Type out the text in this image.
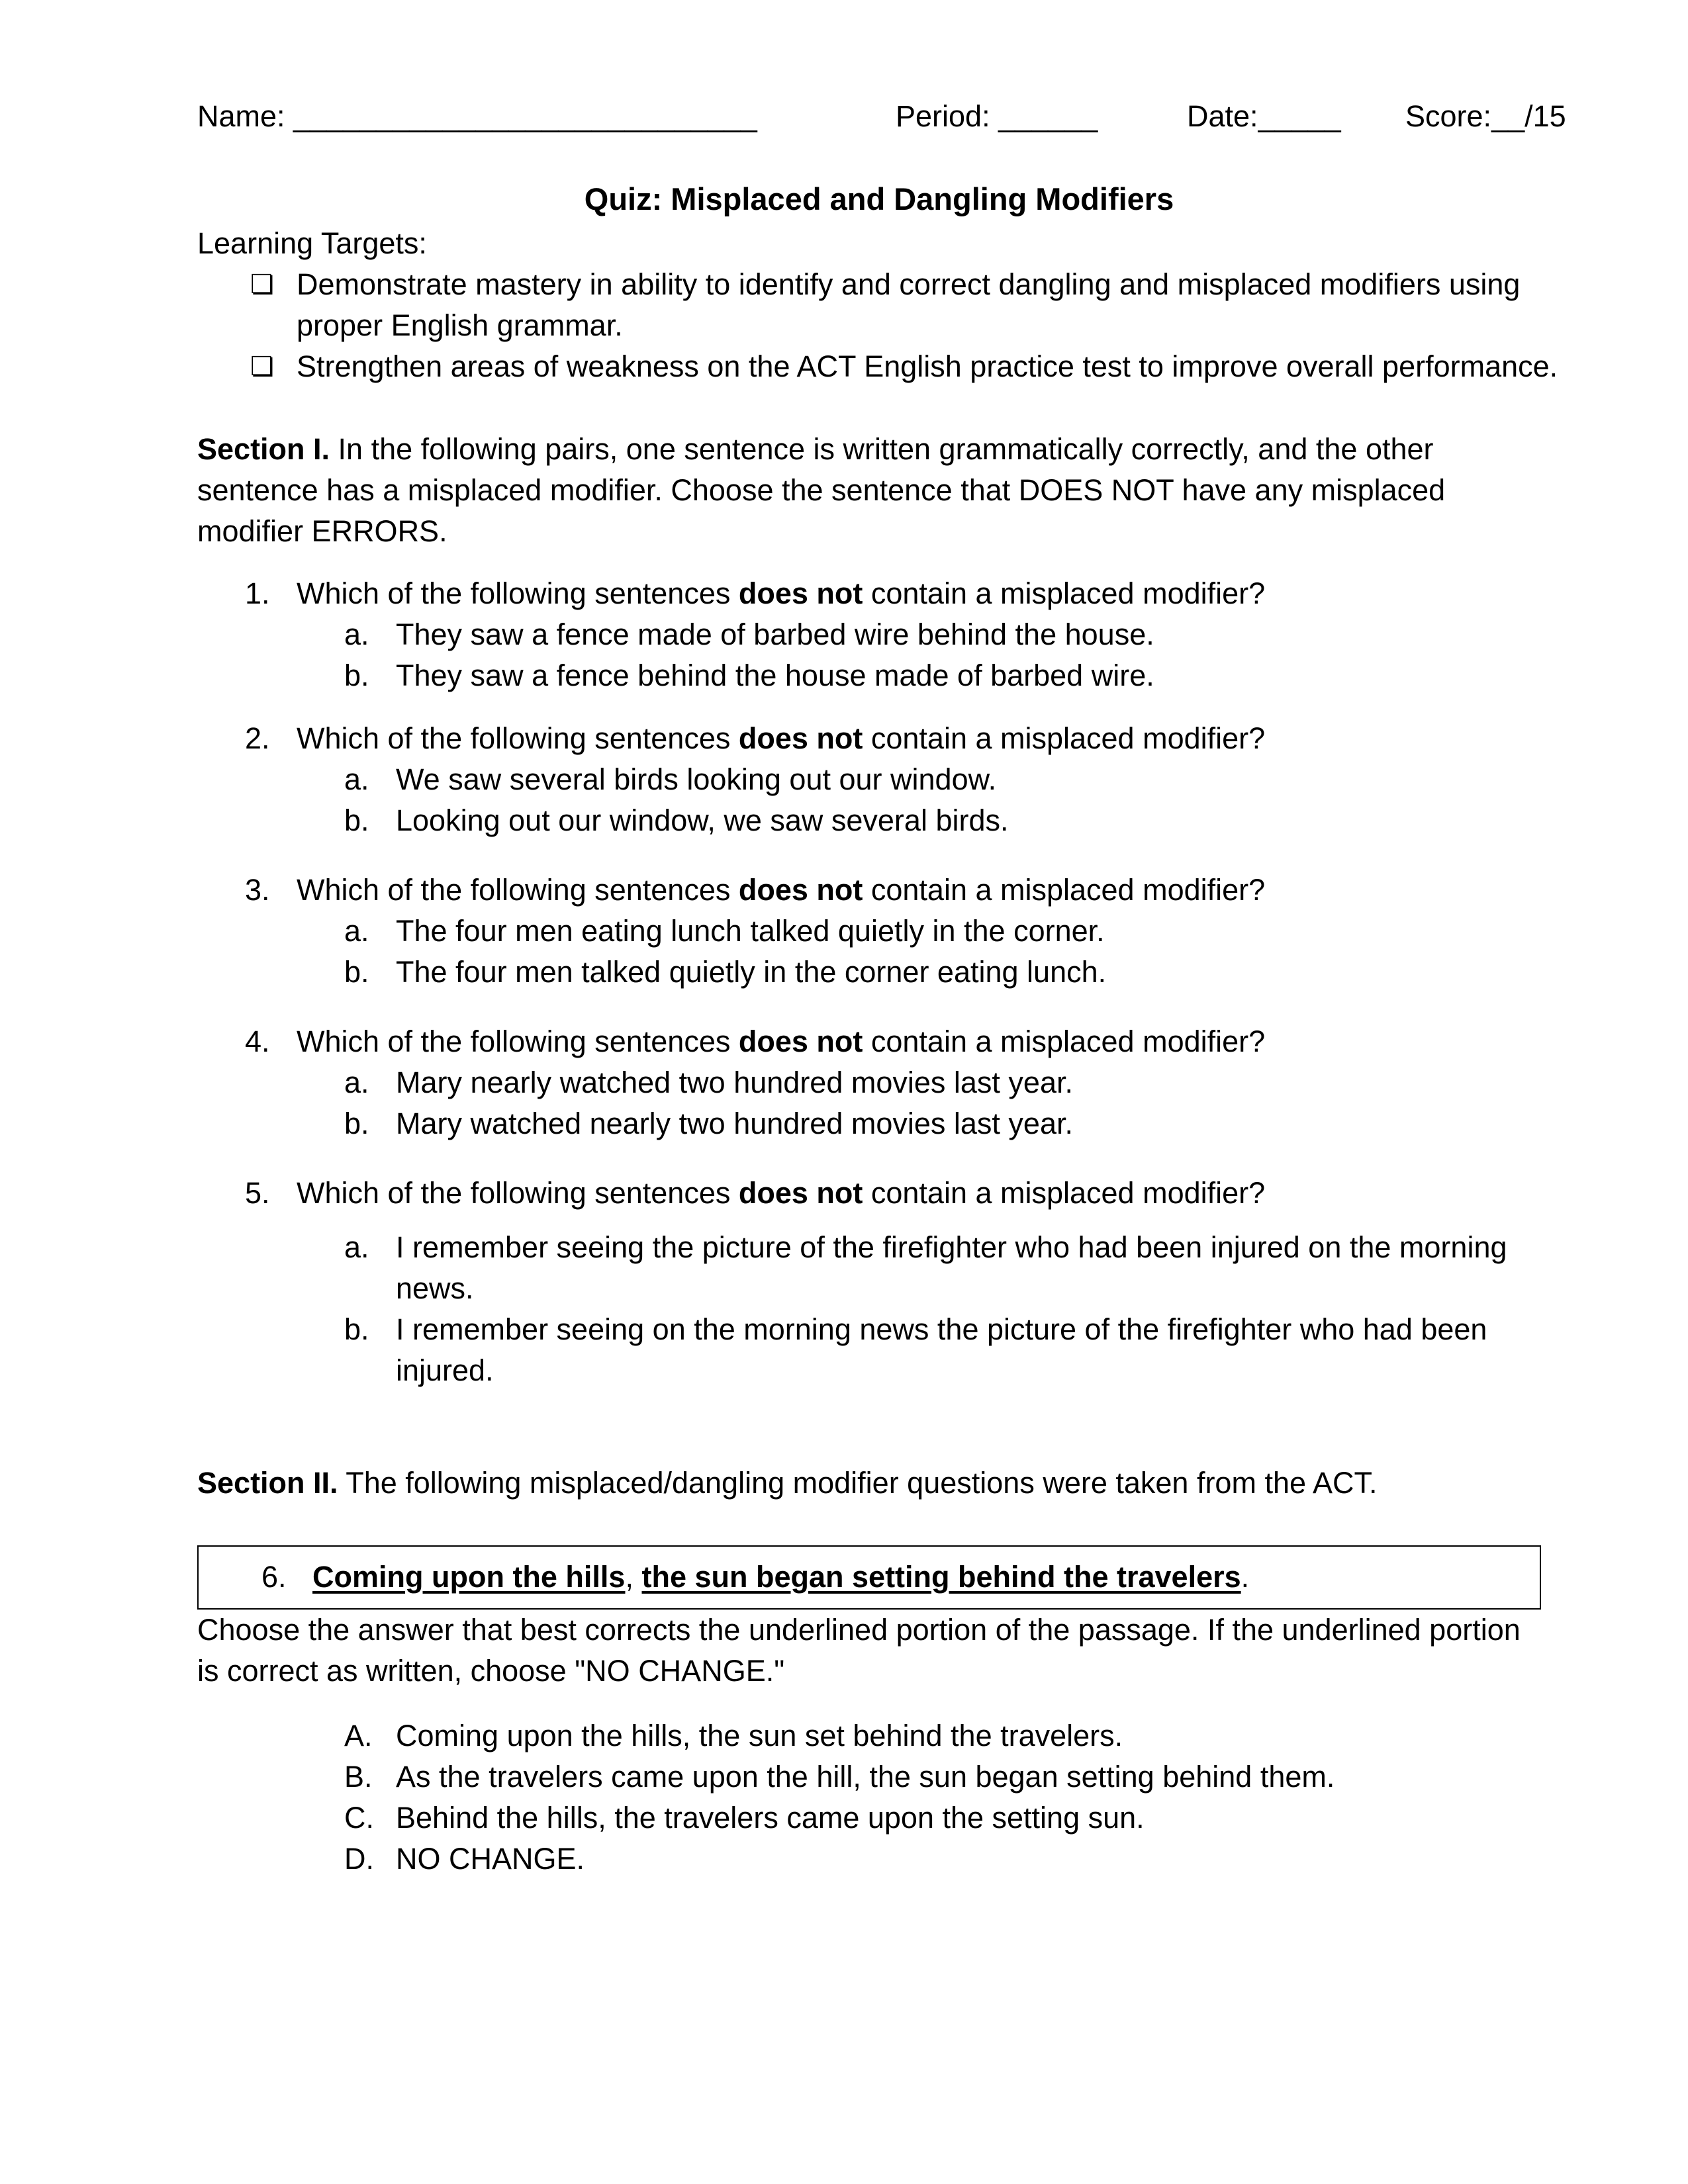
Name: ____________________________	Period: ______	Date:_____ Score:__/15
Quiz: Misplaced and Dangling Modifiers
Learning Targets:
❏ Demonstrate mastery in ability to identify and correct dangling and misplaced modifiers using proper English grammar.
❏ Strengthen areas of weakness on the ACT English practice test to improve overall performance.
Section I. In the following pairs, one sentence is written grammatically correctly, and the other sentence has a misplaced modifier. Choose the sentence that DOES NOT have any misplaced modifier ERRORS.
1. Which of the following sentences does not contain a misplaced modifier?
a. They saw a fence made of barbed wire behind the house.
b. They saw a fence behind the house made of barbed wire.
2. Which of the following sentences does not contain a misplaced modifier?
a. We saw several birds looking out our window.
b. Looking out our window, we saw several birds.
3. Which of the following sentences does not contain a misplaced modifier?
a. The four men eating lunch talked quietly in the corner.
b. The four men talked quietly in the corner eating lunch.
4. Which of the following sentences does not contain a misplaced modifier?
a. Mary nearly watched two hundred movies last year.
b. Mary watched nearly two hundred movies last year.
5. Which of the following sentences does not contain a misplaced modifier?
a. I remember seeing the picture of the firefighter who had been injured on the morning news.
b. I remember seeing on the morning news the picture of the firefighter who had been injured.
Section II. The following misplaced/dangling modifier questions were taken from the ACT.
6. Coming upon the hills, the sun began setting behind the travelers.
Choose the answer that best corrects the underlined portion of the passage. If the underlined portion is correct as written, choose "NO CHANGE."
A. Coming upon the hills, the sun set behind the travelers.
B. As the travelers came upon the hill, the sun began setting behind them.
C. Behind the hills, the travelers came upon the setting sun.
D. NO CHANGE.
